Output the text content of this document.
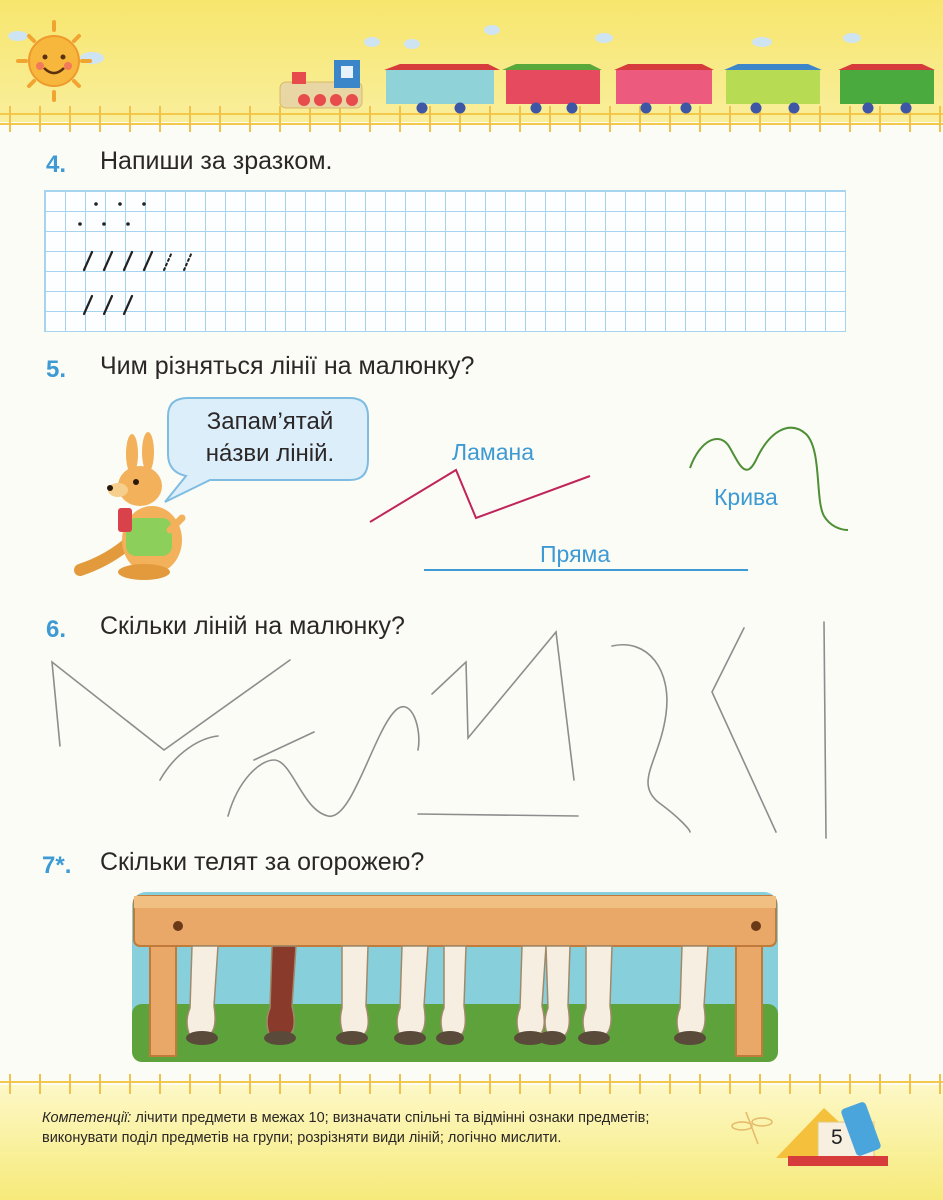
4. Напиши за зразком.
5. Чим різняться лінії на малюнку?
Запам’ятай
на́зви ліній.	Ламана
Крива
Пряма
6. Скільки ліній на малюнку?
7*. Скільки телят за огорожею?
Компетенції: лічити предмети в межах 10; визначати спільні та відмінні ознаки предметів; виконувати поділ предметів на групи; розрізняти види ліній; логічно мислити.	5
